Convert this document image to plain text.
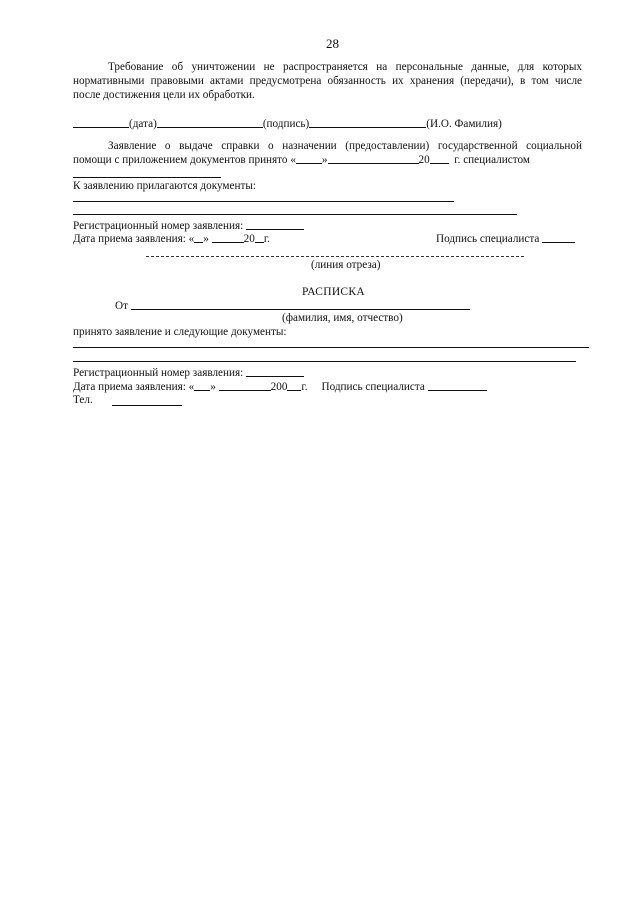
28
Требование об уничтожении не распространяется на персональные данные, для которых
нормативными правовыми актами предусмотрена обязанность их хранения (передачи), в том числе
после достижения цели их обработки.
(дата)	(подпись)	(И.О. Фамилия)
Заявление о выдаче справки о назначении (предоставлении) государственной социальной
помощи с приложением документов принято « »	20 г. специалистом
К заявлению прилагаются документы:
Регистрационный номер заявления:
Дата приема заявления: « »	20 г.	Подпись специалиста
(линия отреза)
РАСПИСКА
От
(фамилия, имя, отчество)
принято заявление и следующие документы:
Регистрационный номер заявления:
Дата приема заявления: « »	200 г. Подпись специалиста
Тел.
